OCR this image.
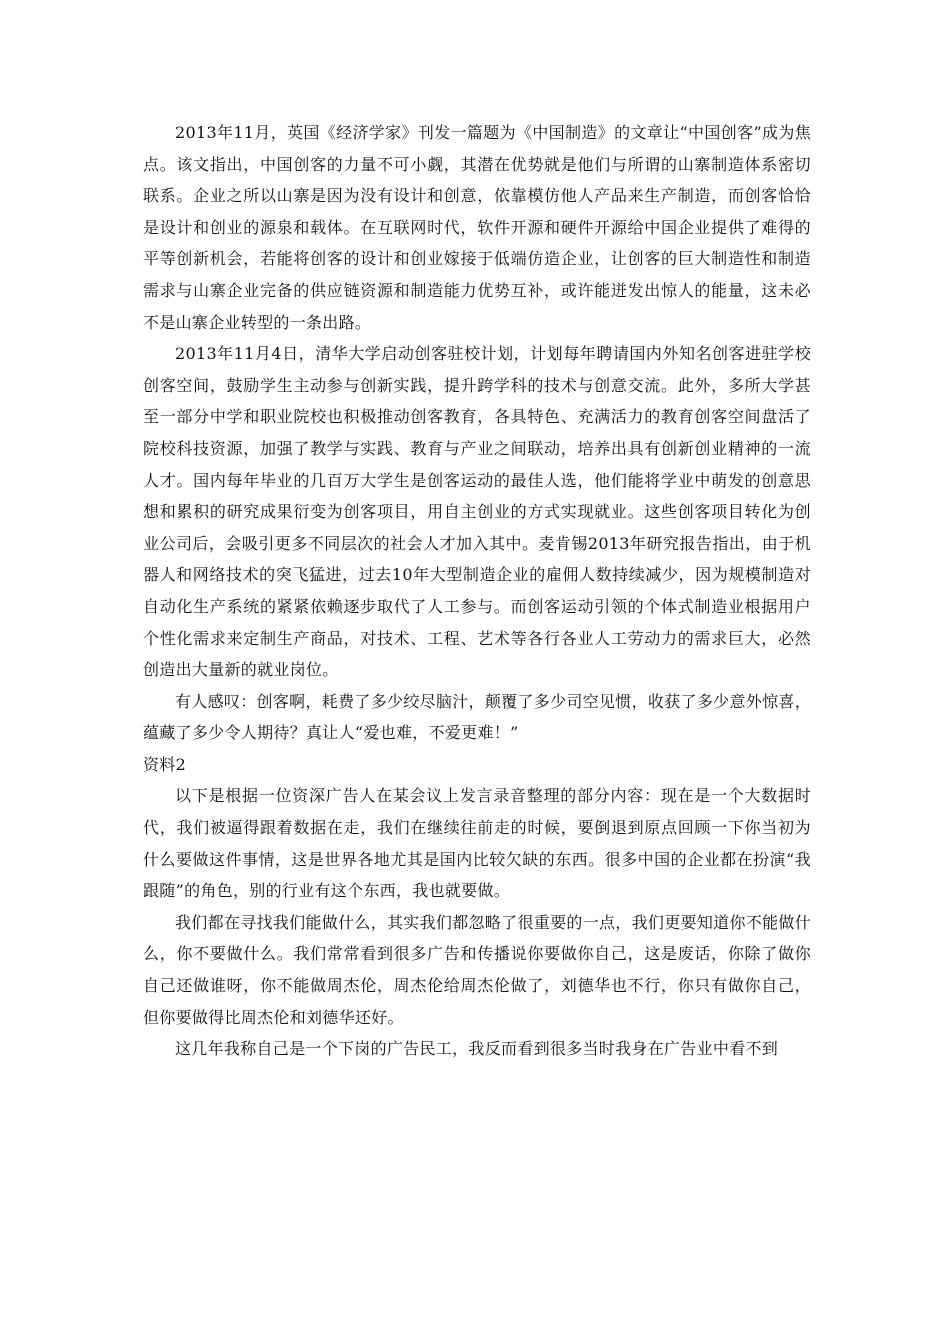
2013年11月，英国《经济学家》刊发一篇题为《中国制造》的文章让“中国创客”成为焦点。该文指出，中国创客的力量不可小觑，其潜在优势就是他们与所谓的山寨制造体系密切联系。企业之所以山寨是因为没有设计和创意，依靠模仿他人产品来生产制造，而创客恰恰是设计和创业的源泉和载体。在互联网时代，软件开源和硬件开源给中国企业提供了难得的平等创新机会，若能将创客的设计和创业嫁接于低端仿造企业，让创客的巨大制造性和制造需求与山寨企业完备的供应链资源和制造能力优势互补，或许能迸发出惊人的能量，这未必不是山寨企业转型的一条出路。

2013年11月4日，清华大学启动创客驻校计划，计划每年聘请国内外知名创客进驻学校创客空间，鼓励学生主动参与创新实践，提升跨学科的技术与创意交流。此外，多所大学甚至一部分中学和职业院校也积极推动创客教育，各具特色、充满活力的教育创客空间盘活了院校科技资源，加强了教学与实践、教育与产业之间联动，培养出具有创新创业精神的一流人才。国内每年毕业的几百万大学生是创客运动的最佳人选，他们能将学业中萌发的创意思想和累积的研究成果衍变为创客项目，用自主创业的方式实现就业。这些创客项目转化为创业公司后，会吸引更多不同层次的社会人才加入其中。麦肯锡2013年研究报告指出，由于机器人和网络技术的突飞猛进，过去10年大型制造企业的雇佣人数持续减少，因为规模制造对自动化生产系统的紧紧依赖逐步取代了人工参与。而创客运动引领的个体式制造业根据用户个性化需求来定制生产商品，对技术、工程、艺术等各行各业人工劳动力的需求巨大，必然创造出大量新的就业岗位。

有人感叹：创客啊，耗费了多少绞尽脑汁，颠覆了多少司空见惯，收获了多少意外惊喜，蕴藏了多少令人期待？真让人“爱也难，不爱更难！”

资料2

以下是根据一位资深广告人在某会议上发言录音整理的部分内容：现在是一个大数据时代，我们被逼得跟着数据在走，我们在继续往前走的时候，要倒退到原点回顾一下你当初为什么要做这件事情，这是世界各地尤其是国内比较欠缺的东西。很多中国的企业都在扮演“我跟随”的角色，别的行业有这个东西，我也就要做。

我们都在寻找我们能做什么，其实我们都忽略了很重要的一点，我们更要知道你不能做什么，你不要做什么。我们常常看到很多广告和传播说你要做你自己，这是废话，你除了做你自己还做谁呀，你不能做周杰伦，周杰伦给周杰伦做了，刘德华也不行，你只有做你自己，但你要做得比周杰伦和刘德华还好。

这几年我称自己是一个下岗的广告民工，我反而看到很多当时我身在广告业中看不到
